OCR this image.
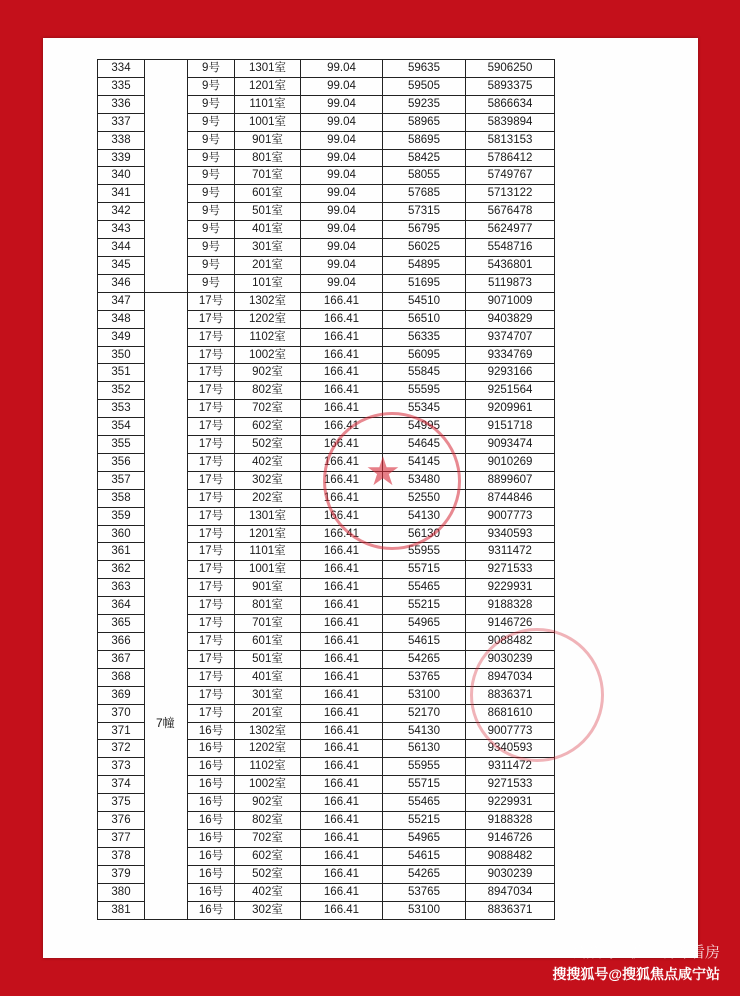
334		9号	1301室	99.04	59635	5906250
335		9号	1201室	99.04	59505	5893375
336		9号	1101室	99.04	59235	5866634
337		9号	1001室	99.04	58965	5839894
338		9号	901室	99.04	58695	5813153
339		9号	801室	99.04	58425	5786412
340		9号	701室	99.04	58055	5749767
341		9号	601室	99.04	57685	5713122
342		9号	501室	99.04	57315	5676478
343		9号	401室	99.04	56795	5624977
344		9号	301室	99.04	56025	5548716
345		9号	201室	99.04	54895	5436801
346		9号	101室	99.04	51695	5119873
347		17号	1302室	166.41	54510	9071009
348		17号	1202室	166.41	56510	9403829
349		17号	1102室	166.41	56335	9374707
350		17号	1002室	166.41	56095	9334769
351		17号	902室	166.41	55845	9293166
352		17号	802室	166.41	55595	9251564
353		17号	702室	166.41	55345	9209961
354		17号	602室	166.41	54995	9151718
355		17号	502室	166.41	54645	9093474
356		17号	402室	166.41	54145	9010269
357		17号	302室	166.41	53480	8899607
358		17号	202室	166.41	52550	8744846
359		17号	1301室	166.41	54130	9007773
360		17号	1201室	166.41	56130	9340593
361		17号	1101室	166.41	55955	9311472
362		17号	1001室	166.41	55715	9271533
363		17号	901室	166.41	55465	9229931
364		17号	801室	166.41	55215	9188328
365		17号	701室	166.41	54965	9146726
366		17号	601室	166.41	54615	9088482
367		17号	501室	166.41	54265	9030239
368		17号	401室	166.41	53765	8947034
369		17号	301室	166.41	53100	8836371
370		17号	201室	166.41	52170	8681610
371		16号	1302室	166.41	54130	9007773
372		16号	1202室	166.41	56130	9340593
373		16号	1102室	166.41	55955	9311472
374		16号	1002室	166.41	55715	9271533
375		16号	902室	166.41	55465	9229931
376		16号	802室	166.41	55215	9188328
377		16号	702室	166.41	54965	9146726
378		16号	602室	166.41	54615	9088482
379		16号	502室	166.41	54265	9030239
380		16号	402室	166.41	53765	8947034
381		16号	302室	166.41	53100	8836371
7幢
★
公众号 · 沪上明珠看房
搜搜狐号@搜狐焦点咸宁站
